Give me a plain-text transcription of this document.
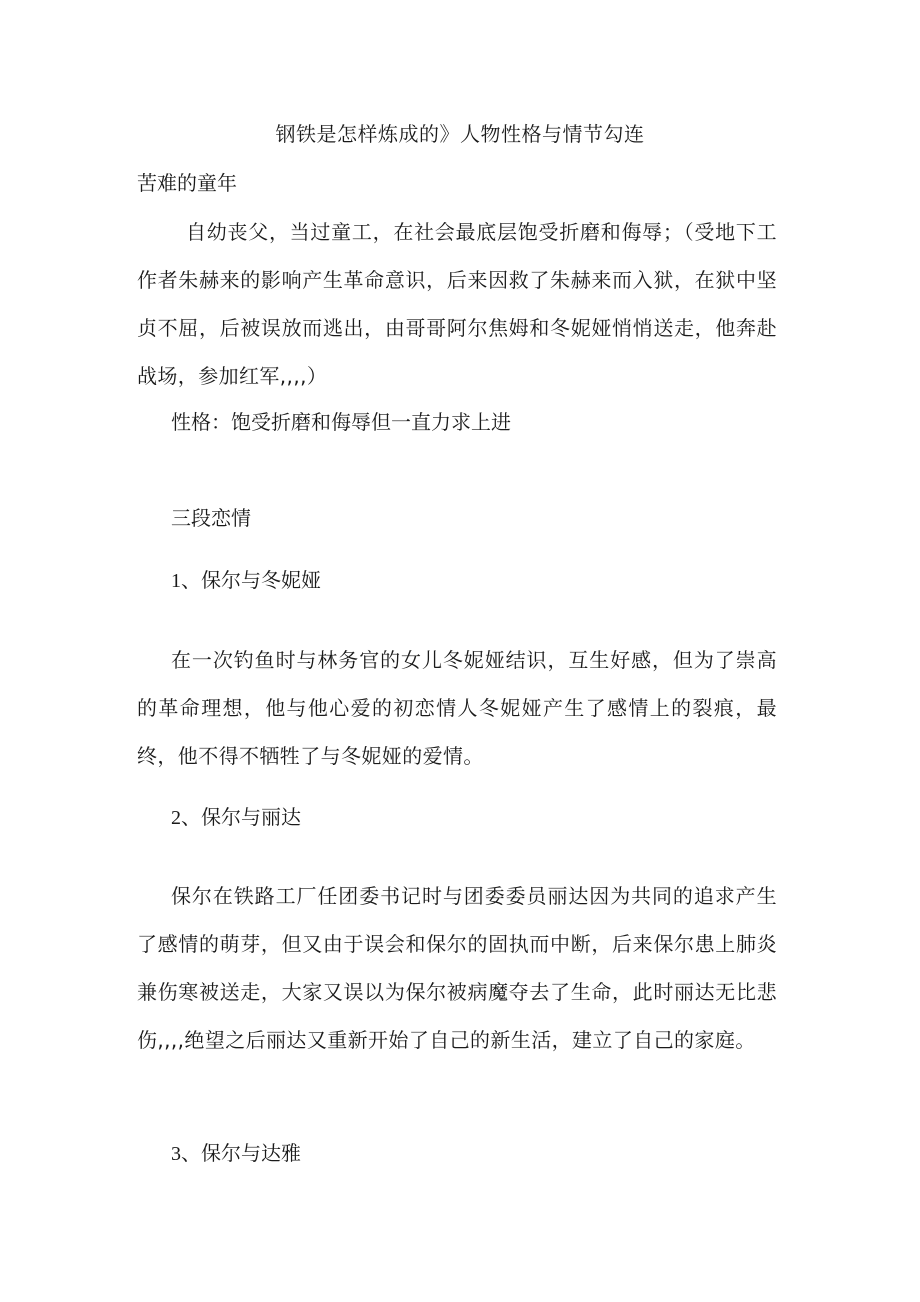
钢铁是怎样炼成的》人物性格与情节勾连
苦难的童年

自幼丧父，当过童工，在社会最底层饱受折磨和侮辱；（受地下工作者朱赫来的影响产生革命意识，后来因救了朱赫来而入狱，在狱中坚贞不屈，后被误放而逃出，由哥哥阿尔焦姆和冬妮娅悄悄送走，他奔赴战场，参加红军,,,,）

性格：饱受折磨和侮辱但一直力求上进
三段恋情
1、保尔与冬妮娅

在一次钓鱼时与林务官的女儿冬妮娅结识，互生好感，但为了崇高的革命理想，他与他心爱的初恋情人冬妮娅产生了感情上的裂痕，最终，他不得不牺牲了与冬妮娅的爱情。

2、保尔与丽达

保尔在铁路工厂任团委书记时与团委委员丽达因为共同的追求产生了感情的萌芽，但又由于误会和保尔的固执而中断，后来保尔患上肺炎兼伤寒被送走，大家又误以为保尔被病魔夺去了生命，此时丽达无比悲伤,,,,绝望之后丽达又重新开始了自己的新生活，建立了自己的家庭。

3、保尔与达雅
